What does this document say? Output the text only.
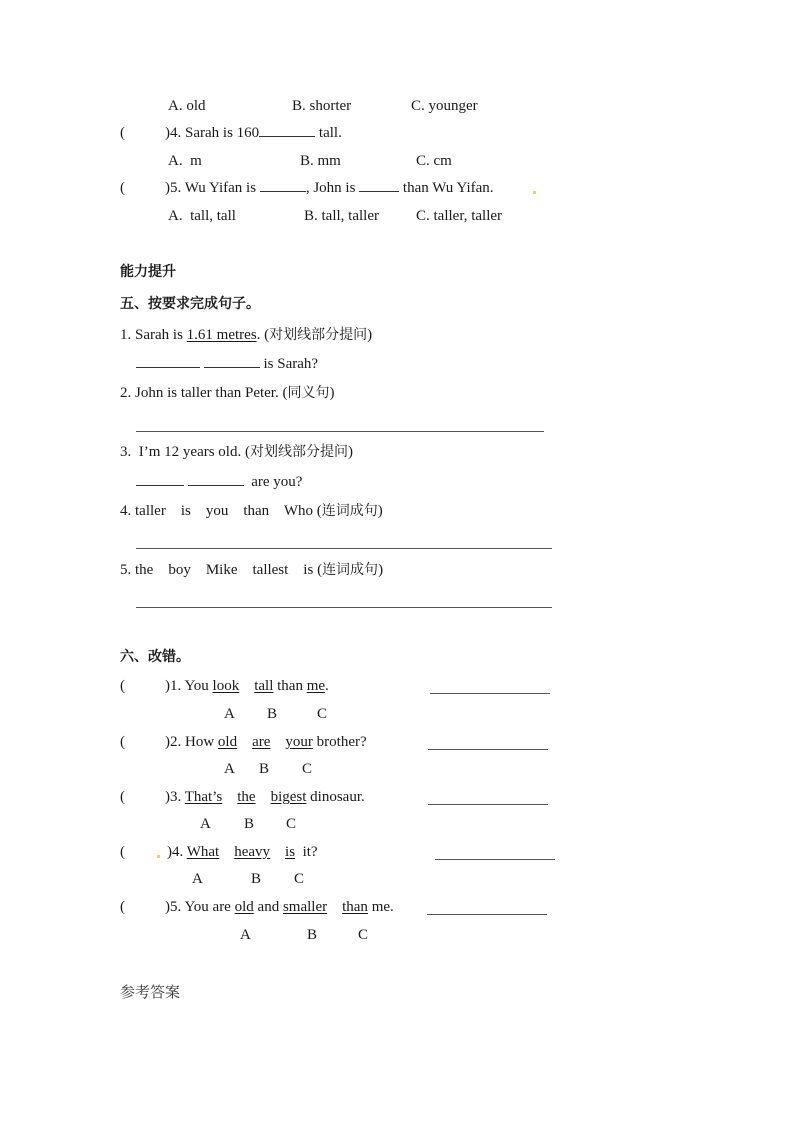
A. old	B. shorter	C. younger
(	)4. Sarah is 160	tall.
A.  m	B. mm	C. cm
(	)5. Wu Yifan is	, John is	than Wu Yifan.
A.  tall, tall	B. tall, taller C. taller, taller
能力提升
五、按要求完成句子。
1. Sarah is 1.61 metres. (对划线部分提问)
is Sarah?
2. John is taller than Peter. (同义句)
3.  I’m 12 years old. (对划线部分提问)
are you?
4. taller    is    you    than    Who (连词成句)
5. the    boy    Mike    tallest    is (连词成句)
六、改错。
(	)1. You look tall than me.
A B	C
(	)2. How old are your brother?
A B C
(	)3. That’s the bigest dinosaur.
A B C
(	)4. What heavy is  it?
A	B C
(	)5. You are old and smaller than me.
A	B	C
参考答案
